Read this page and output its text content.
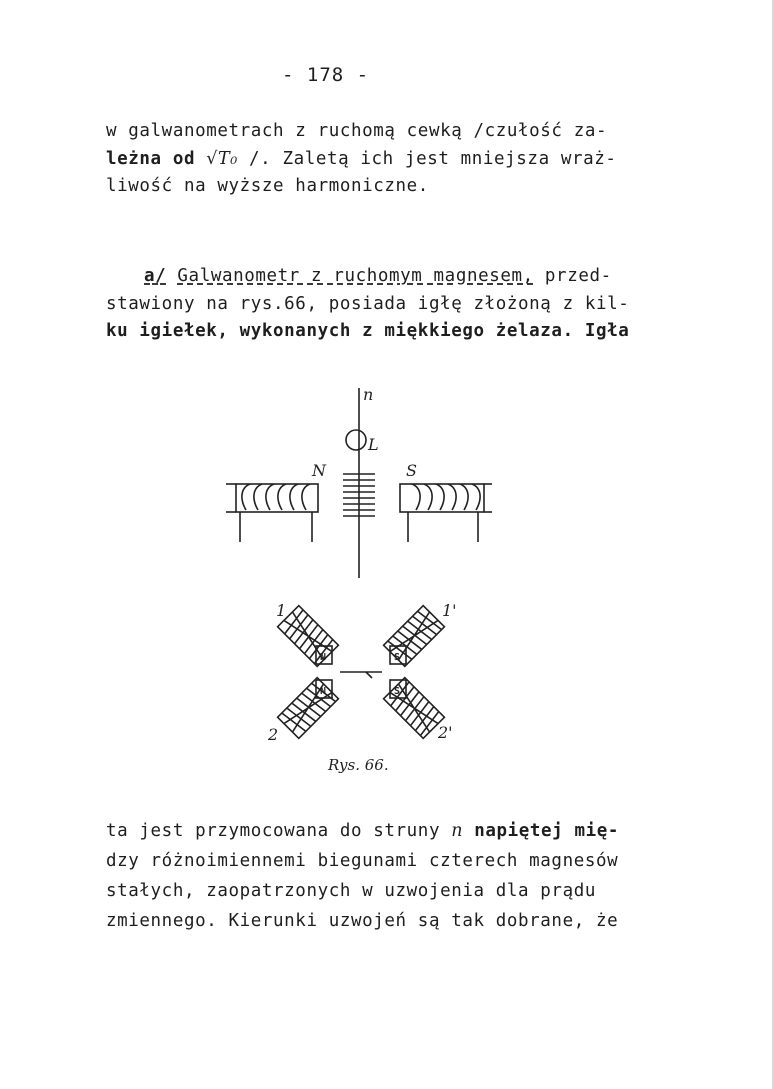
- 178 -
w galwanometrach z ruchomą cewką /czułość za-
leżna od √T₀ /. Zaletą ich jest mniejsza wraż-
liwość na wyższe harmoniczne.
a/ Galwanometr z ruchomym magnesem, przed-
stawiony na rys.66, posiada igłę złożoną z kil-
ku igiełek, wykonanych z miękkiego żelaza. Igła
n
L
N	S
1	1'
2	2'
N	S
S
N
Rys. 66.
ta jest przymocowana do struny n napiętej mię-
dzy różnoimiennemi biegunami czterech magnesów
stałych, zaopatrzonych w uzwojenia dla prądu
zmiennego. Kierunki uzwojeń są tak dobrane, że
